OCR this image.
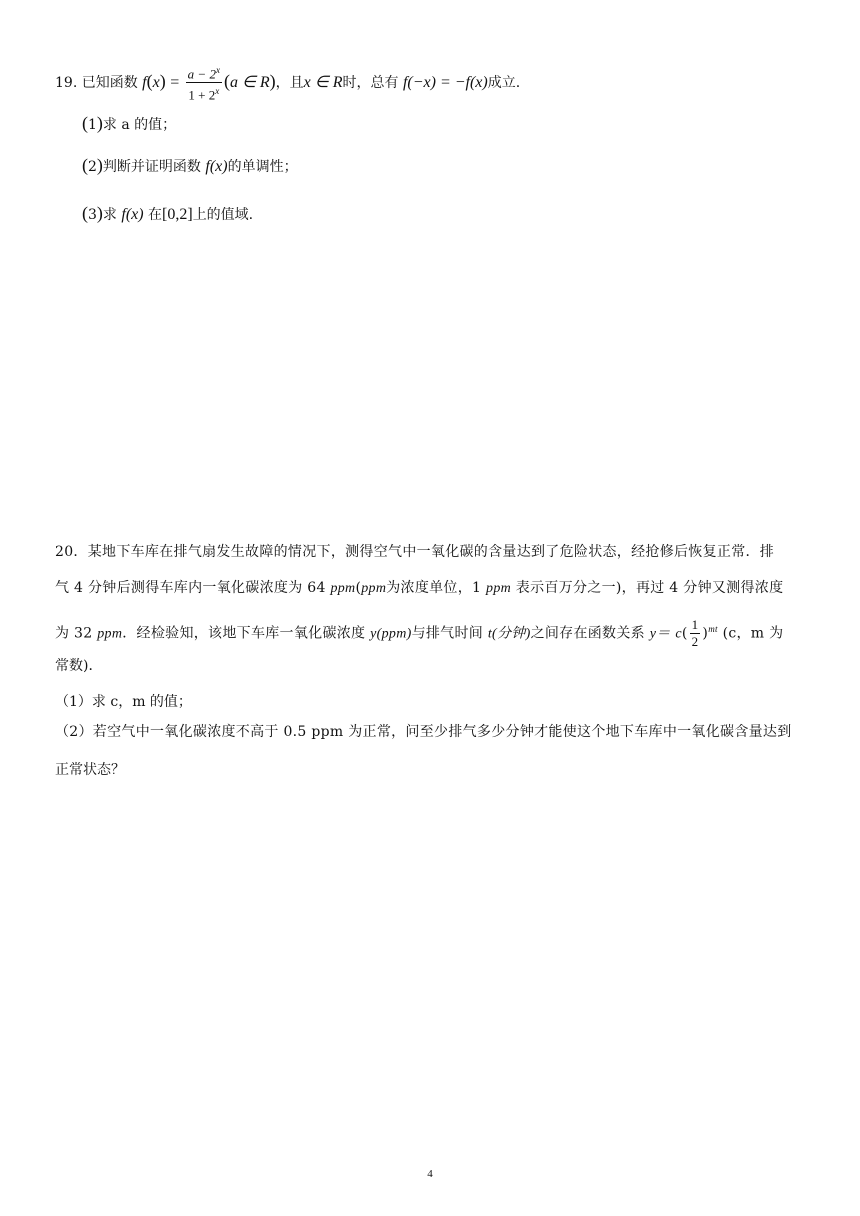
19. 已知函数 $f(x) = \frac{a - 2^x}{1 + 2^x} (a$ ∈ R)，且x ∈ R时，总有 f(−x) = −f(x)成立.
(1)求 a 的值；
(2)判断并证明函数 f(x)的单调性；
(3)求 f(x) 在[0,2]上的值域.
20．某地下车库在排气扇发生故障的情况下，测得空气中一氧化碳的含量达到了危险状态，经抢修后恢复正常．排
气 4 分钟后测得车库内一氧化碳浓度为 64 ppm(ppm为浓度单位，1 ppm 表示百万分之一)，再过 4 分钟又测得浓度
为 32 ppm．经检验知，该地下车库一氧化碳浓度 y(ppm)与排气时间 t(分钟)之间存在函数关系 $y= c( \frac{1}{2} )^{mt}$ (c，m 为
常数)．
（1）求 c，m 的值；
（2）若空气中一氧化碳浓度不高于 0.5 ppm 为正常，问至少排气多少分钟才能使这个地下车库中一氧化碳含量达到
正常状态？
4
